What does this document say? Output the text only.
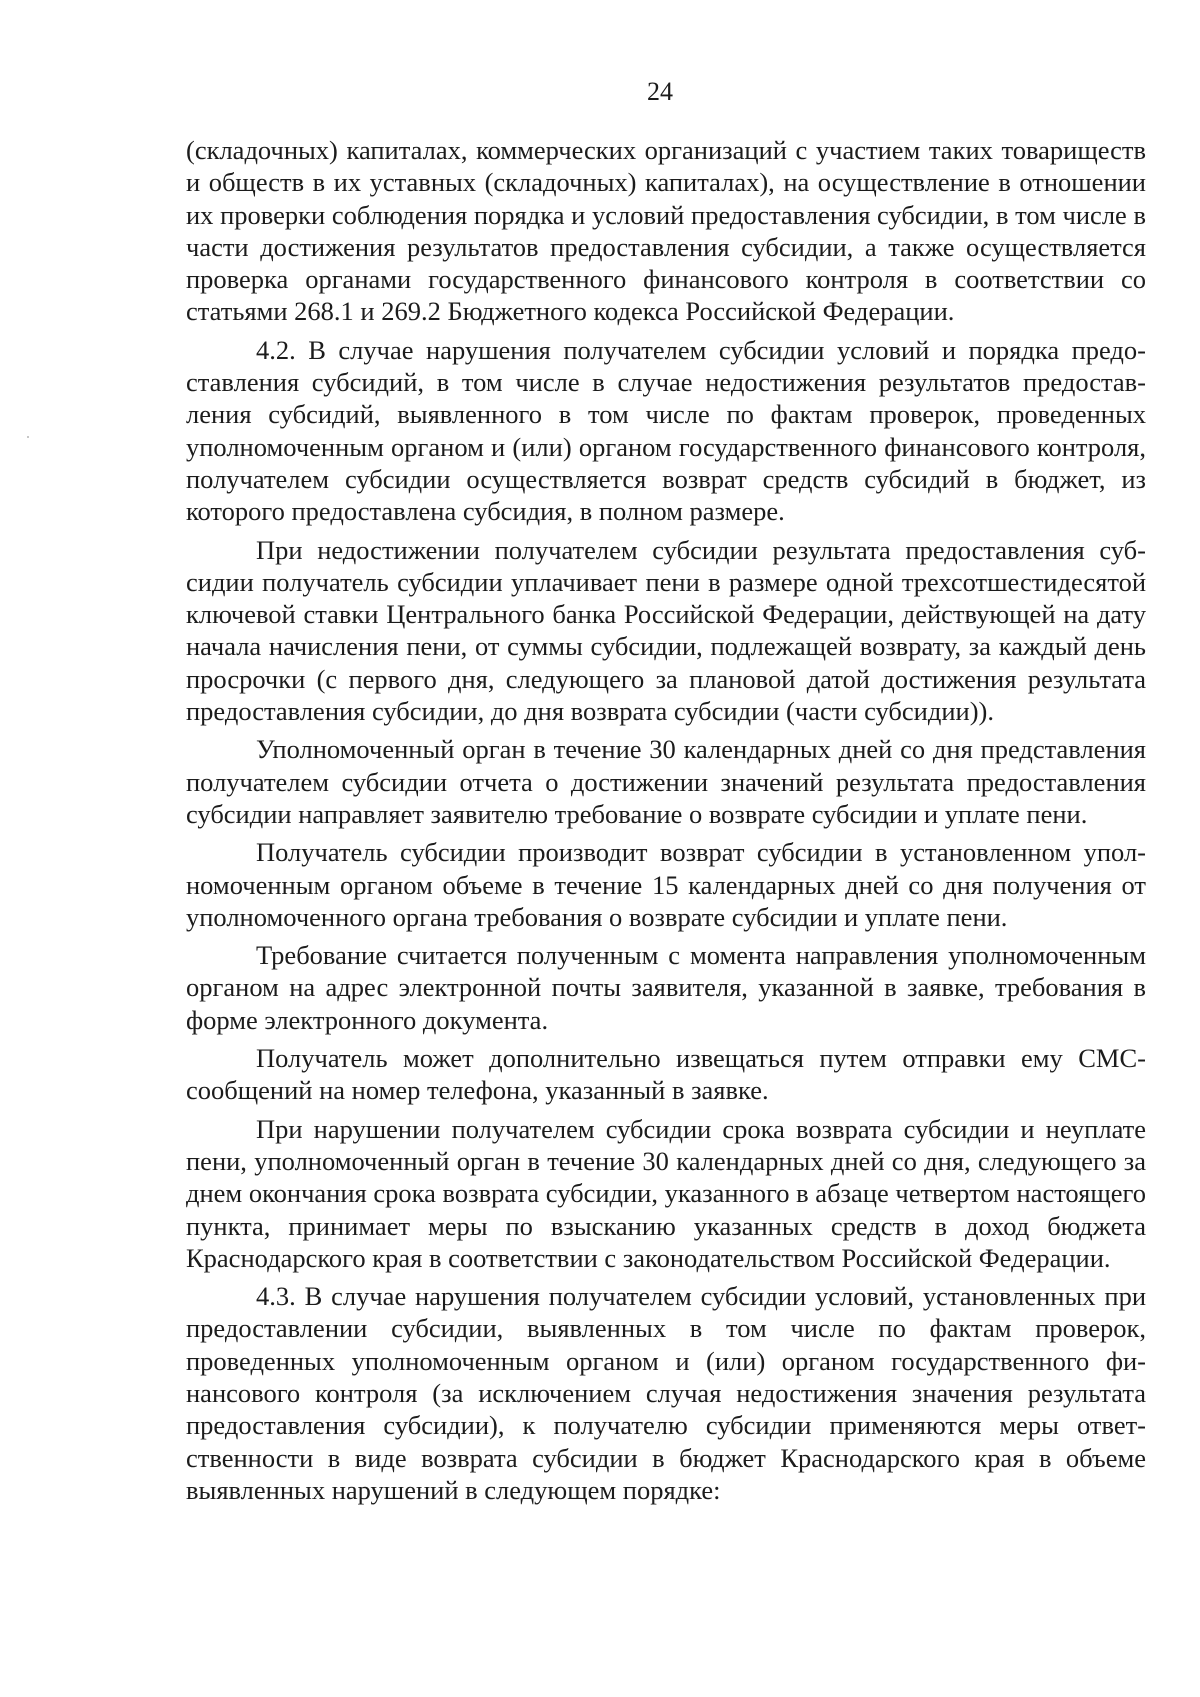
24

(складочных) капиталах, коммерческих организаций с участием таких товариществ и обществ в их уставных (складочных) капиталах), на осуществление в отношении их проверки соблюдения порядка и условий предоставления субсидии, в том числе в части достижения результатов предоставления субсидии, а также осуществляется проверка органами государственного финансового контроля в соответствии со статьями 268.1 и 269.2 Бюджетного кодекса Российской Федерации.

4.2. В случае нарушения получателем субсидии условий и порядка предоставления субсидий, в том числе в случае недостижения результатов предоставления субсидий, выявленного в том числе по фактам проверок, проведенных уполномоченным органом и (или) органом государственного финансового контроля, получателем субсидии осуществляется возврат средств субсидий в бюджет, из которого предоставлена субсидия, в полном размере.

При недостижении получателем субсидии результата предоставления субсидии получатель субсидии уплачивает пени в размере одной трехсотшестидесятой ключевой ставки Центрального банка Российской Федерации, действующей на дату начала начисления пени, от суммы субсидии, подлежащей возврату, за каждый день просрочки (с первого дня, следующего за плановой датой достижения результата предоставления субсидии, до дня возврата субсидии (части субсидии)).

Уполномоченный орган в течение 30 календарных дней со дня представления получателем субсидии отчета о достижении значений результата предоставления субсидии направляет заявителю требование о возврате субсидии и уплате пени.

Получатель субсидии производит возврат субсидии в установленном уполномоченным органом объеме в течение 15 календарных дней со дня получения от уполномоченного органа требования о возврате субсидии и уплате пени.

Требование считается полученным с момента направления уполномоченным органом на адрес электронной почты заявителя, указанной в заявке, требования в форме электронного документа.

Получатель может дополнительно извещаться путем отправки ему СМС-сообщений на номер телефона, указанный в заявке.

При нарушении получателем субсидии срока возврата субсидии и неуплате пени, уполномоченный орган в течение 30 календарных дней со дня, следующего за днем окончания срока возврата субсидии, указанного в абзаце четвертом настоящего пункта, принимает меры по взысканию указанных средств в доход бюджета Краснодарского края в соответствии с законодательством Российской Федерации.

4.3. В случае нарушения получателем субсидии условий, установленных при предоставлении субсидии, выявленных в том числе по фактам проверок, проведенных уполномоченным органом и (или) органом государственного финансового контроля (за исключением случая недостижения значения результата предоставления субсидии), к получателю субсидии применяются меры ответственности в виде возврата субсидии в бюджет Краснодарского края в объеме выявленных нарушений в следующем порядке:
